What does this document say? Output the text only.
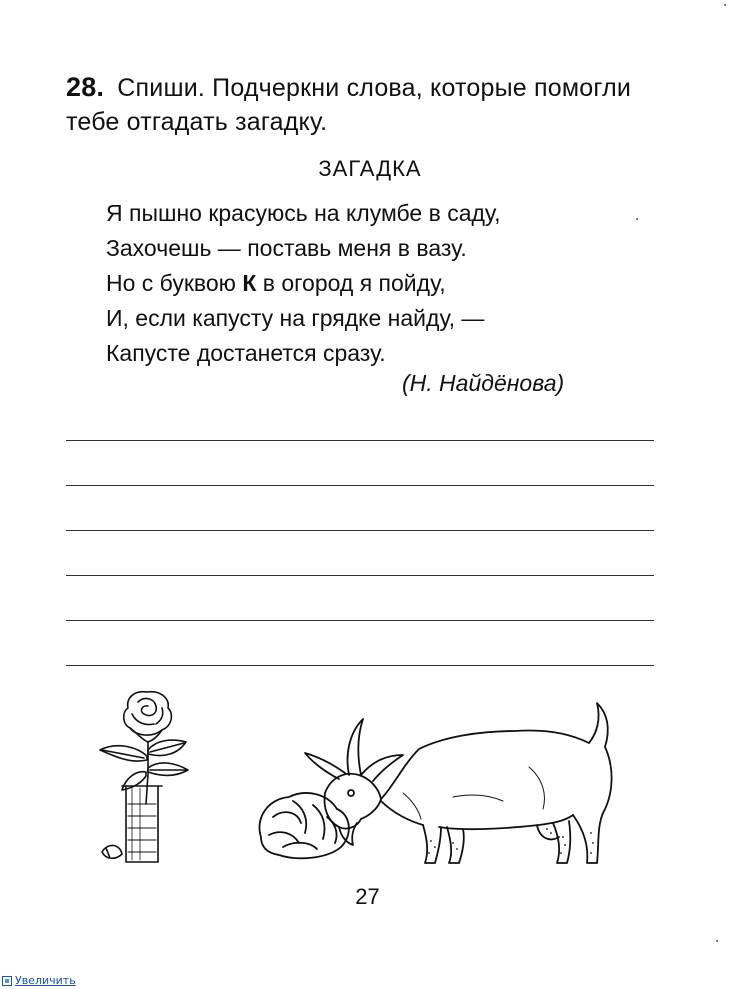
28. Спиши. Подчеркни слова, которые помогли тебе отгадать загадку.
ЗАГАДКА
Я пышно красуюсь на клумбе в саду,
Захочешь — поставь меня в вазу.
Но с буквою К в огород я пойду,
И, если капусту на грядке найду, —
Капусте достанется сразу.
(Н. Найдёнова)
27
Увеличить
